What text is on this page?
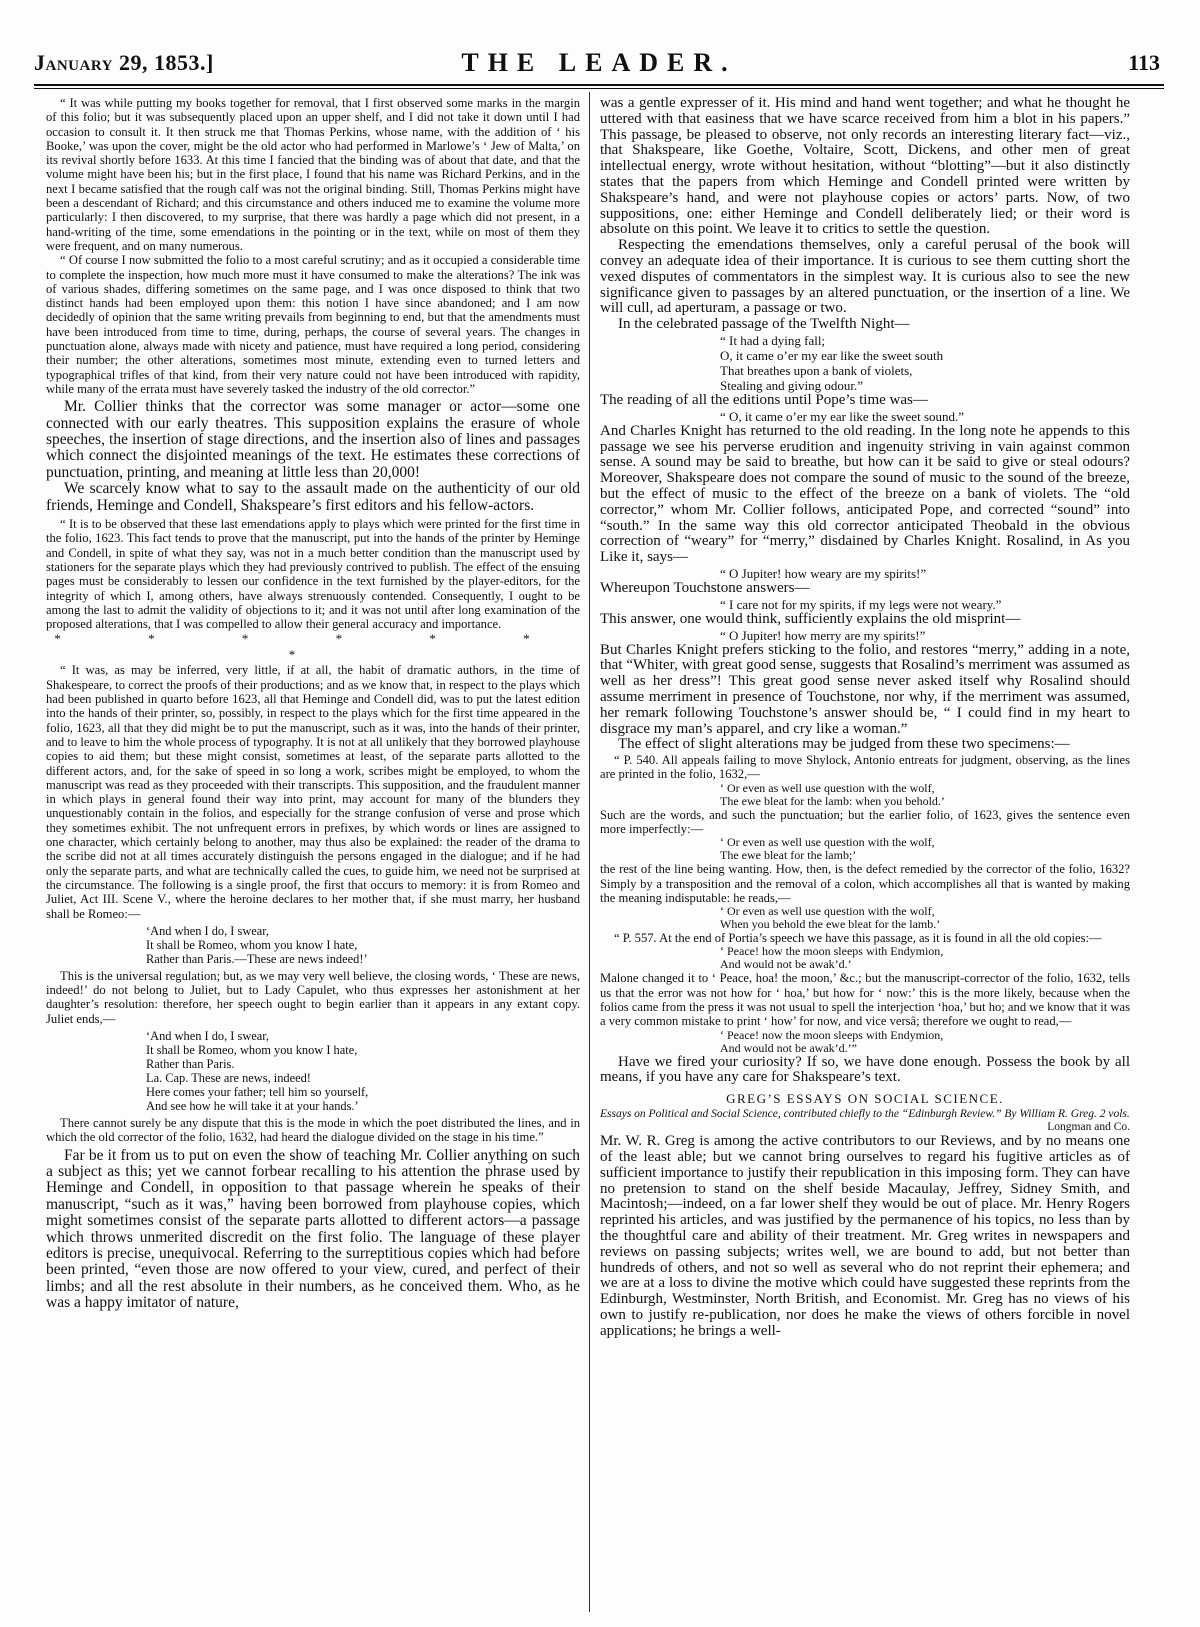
January 29, 1853.]	THE LEADER.	113

“ It was while putting my books together for removal, that I first observed some marks in the margin of this folio; but it was subsequently placed upon an upper shelf, and I did not take it down until I had occasion to consult it. It then struck me that Thomas Perkins, whose name, with the addition of ‘ his Booke,’ was upon the cover, might be the old actor who had performed in Marlowe’s ‘ Jew of Malta,’ on its revival shortly before 1633. At this time I fancied that the binding was of about that date, and that the volume might have been his; but in the first place, I found that his name was Richard Perkins, and in the next I became satisfied that the rough calf was not the original binding. Still, Thomas Perkins might have been a descendant of Richard; and this circumstance and others induced me to examine the volume more particularly: I then discovered, to my surprise, that there was hardly a page which did not present, in a hand-writing of the time, some emendations in the pointing or in the text, while on most of them they were frequent, and on many numerous.

“ Of course I now submitted the folio to a most careful scrutiny; and as it occupied a considerable time to complete the inspection, how much more must it have consumed to make the alterations? The ink was of various shades, differing sometimes on the same page, and I was once disposed to think that two distinct hands had been employed upon them: this notion I have since abandoned; and I am now decidedly of opinion that the same writing prevails from beginning to end, but that the amendments must have been introduced from time to time, during, perhaps, the course of several years. The changes in punctuation alone, always made with nicety and patience, must have required a long period, considering their number; the other alterations, sometimes most minute, extending even to turned letters and typographical trifles of that kind, from their very nature could not have been introduced with rapidity, while many of the errata must have severely tasked the industry of the old corrector.”

Mr. Collier thinks that the corrector was some manager or actor—some one connected with our early theatres. This supposition explains the erasure of whole speeches, the insertion of stage directions, and the insertion also of lines and passages which connect the disjointed meanings of the text. He estimates these corrections of punctuation, printing, and meaning at little less than 20,000!

We scarcely know what to say to the assault made on the authenticity of our old friends, Heminge and Condell, Shakspeare’s first editors and his fellow-actors.

“ It is to be observed that these last emendations apply to plays which were printed for the first time in the folio, 1623. This fact tends to prove that the manuscript, put into the hands of the printer by Heminge and Condell, in spite of what they say, was not in a much better condition than the manuscript used by stationers for the separate plays which they had previously contrived to publish. The effect of the ensuing pages must be considerably to lessen our confidence in the text furnished by the player-editors, for the integrity of which I, among others, have always strenuously contended. Consequently, I ought to be among the last to admit the validity of objections to it; and it was not until after long examination of the proposed alterations, that I was compelled to allow their general accuracy and importance.

* * * * * * *

“ It was, as may be inferred, very little, if at all, the habit of dramatic authors, in the time of Shakespeare, to correct the proofs of their productions; and as we know that, in respect to the plays which had been published in quarto before 1623, all that Heminge and Condell did, was to put the latest edition into the hands of their printer, so, possibly, in respect to the plays which for the first time appeared in the folio, 1623, all that they did might be to put the manuscript, such as it was, into the hands of their printer, and to leave to him the whole process of typography. It is not at all unlikely that they borrowed playhouse copies to aid them; but these might consist, sometimes at least, of the separate parts allotted to the different actors, and, for the sake of speed in so long a work, scribes might be employed, to whom the manuscript was read as they proceeded with their transcripts. This supposition, and the fraudulent manner in which plays in general found their way into print, may account for many of the blunders they unquestionably contain in the folios, and especially for the strange confusion of verse and prose which they sometimes exhibit. The not unfrequent errors in prefixes, by which words or lines are assigned to one character, which certainly belong to another, may thus also be explained: the reader of the drama to the scribe did not at all times accurately distinguish the persons engaged in the dialogue; and if he had only the separate parts, and what are technically called the cues, to guide him, we need not be surprised at the circumstance. The following is a single proof, the first that occurs to memory: it is from Romeo and Juliet, Act III. Scene V., where the heroine declares to her mother that, if she must marry, her husband shall be Romeo:—

‘And when I do, I swear,
It shall be Romeo, whom you know I hate,
Rather than Paris.—These are news indeed!’

This is the universal regulation; but, as we may very well believe, the closing words, ‘ These are news, indeed!’ do not belong to Juliet, but to Lady Capulet, who thus expresses her astonishment at her daughter’s resolution: therefore, her speech ought to begin earlier than it appears in any extant copy. Juliet ends,—

‘And when I do, I swear,
It shall be Romeo, whom you know I hate,
Rather than Paris.
La. Cap. These are news, indeed!
Here comes your father; tell him so yourself,
And see how he will take it at your hands.’

There cannot surely be any dispute that this is the mode in which the poet distributed the lines, and in which the old corrector of the folio, 1632, had heard the dialogue divided on the stage in his time.”

Far be it from us to put on even the show of teaching Mr. Collier anything on such a subject as this; yet we cannot forbear recalling to his attention the phrase used by Heminge and Condell, in opposition to that passage wherein he speaks of their manuscript, “such as it was,” having been borrowed from playhouse copies, which might sometimes consist of the separate parts allotted to different actors—a passage which throws unmerited discredit on the first folio. The language of these player editors is precise, unequivocal. Referring to the surreptitious copies which had before been printed, “even those are now offered to your view, cured, and perfect of their limbs; and all the rest absolute in their numbers, as he conceived them. Who, as he was a happy imitator of nature,

was a gentle expresser of it. His mind and hand went together; and what he thought he uttered with that easiness that we have scarce received from him a blot in his papers.” This passage, be pleased to observe, not only records an interesting literary fact—viz., that Shakspeare, like Goethe, Voltaire, Scott, Dickens, and other men of great intellectual energy, wrote without hesitation, without “blotting”—but it also distinctly states that the papers from which Heminge and Condell printed were written by Shakspeare’s hand, and were not playhouse copies or actors’ parts. Now, of two suppositions, one: either Heminge and Condell deliberately lied; or their word is absolute on this point. We leave it to critics to settle the question.

Respecting the emendations themselves, only a careful perusal of the book will convey an adequate idea of their importance. It is curious to see them cutting short the vexed disputes of commentators in the simplest way. It is curious also to see the new significance given to passages by an altered punctuation, or the insertion of a line. We will cull, ad aperturam, a passage or two.

In the celebrated passage of the Twelfth Night—

“ It had a dying fall;
O, it came o’er my ear like the sweet south
That breathes upon a bank of violets,
Stealing and giving odour.”

The reading of all the editions until Pope’s time was—

“ O, it came o’er my ear like the sweet sound.”

And Charles Knight has returned to the old reading. In the long note he appends to this passage we see his perverse erudition and ingenuity striving in vain against common sense. A sound may be said to breathe, but how can it be said to give or steal odours? Moreover, Shakspeare does not compare the sound of music to the sound of the breeze, but the effect of music to the effect of the breeze on a bank of violets. The “old corrector,” whom Mr. Collier follows, anticipated Pope, and corrected “sound” into “south.” In the same way this old corrector anticipated Theobald in the obvious correction of “weary” for “merry,” disdained by Charles Knight. Rosalind, in As you Like it, says—

“ O Jupiter! how weary are my spirits!”

Whereupon Touchstone answers—

“ I care not for my spirits, if my legs were not weary.”

This answer, one would think, sufficiently explains the old misprint—

“ O Jupiter! how merry are my spirits!”

But Charles Knight prefers sticking to the folio, and restores “merry,” adding in a note, that “Whiter, with great good sense, suggests that Rosalind’s merriment was assumed as well as her dress”! This great good sense never asked itself why Rosalind should assume merriment in presence of Touchstone, nor why, if the merriment was assumed, her remark following Touchstone’s answer should be, “ I could find in my heart to disgrace my man’s apparel, and cry like a woman.”

The effect of slight alterations may be judged from these two specimens:—

“ P. 540. All appeals failing to move Shylock, Antonio entreats for judgment, observing, as the lines are printed in the folio, 1632,—

‘ Or even as well use question with the wolf,
The ewe bleat for the lamb: when you behold.’

Such are the words, and such the punctuation; but the earlier folio, of 1623, gives the sentence even more imperfectly:—

‘ Or even as well use question with the wolf,
The ewe bleat for the lamb;’

the rest of the line being wanting. How, then, is the defect remedied by the corrector of the folio, 1632? Simply by a transposition and the removal of a colon, which accomplishes all that is wanted by making the meaning indisputable: he reads,—

‘ Or even as well use question with the wolf,
When you behold the ewe bleat for the lamb.’

“ P. 557. At the end of Portia’s speech we have this passage, as it is found in all the old copies:—

‘ Peace! how the moon sleeps with Endymion,
And would not be awak’d.’

Malone changed it to ‘ Peace, hoa! the moon,’ &c.; but the manuscript-corrector of the folio, 1632, tells us that the error was not how for ‘ hoa,’ but how for ‘ now:’ this is the more likely, because when the folios came from the press it was not usual to spell the interjection ‘hoa,’ but ho; and we know that it was a very common mistake to print ‘ how’ for now, and vice versâ; therefore we ought to read,—

‘ Peace! now the moon sleeps with Endymion,
And would not be awak’d.’”

Have we fired your curiosity? If so, we have done enough. Possess the book by all means, if you have any care for Shakspeare’s text.

GREG’S ESSAYS ON SOCIAL SCIENCE.
Essays on Political and Social Science, contributed chiefly to the “Edinburgh Review.” By William R. Greg. 2 vols.
Longman and Co.

Mr. W. R. Greg is among the active contributors to our Reviews, and by no means one of the least able; but we cannot bring ourselves to regard his fugitive articles as of sufficient importance to justify their republication in this imposing form. They can have no pretension to stand on the shelf beside Macaulay, Jeffrey, Sidney Smith, and Macintosh;—indeed, on a far lower shelf they would be out of place. Mr. Henry Rogers reprinted his articles, and was justified by the permanence of his topics, no less than by the thoughtful care and ability of their treatment. Mr. Greg writes in newspapers and reviews on passing subjects; writes well, we are bound to add, but not better than hundreds of others, and not so well as several who do not reprint their ephemera; and we are at a loss to divine the motive which could have suggested these reprints from the Edinburgh, Westminster, North British, and Economist. Mr. Greg has no views of his own to justify re-publication, nor does he make the views of others forcible in novel applications; he brings a well-
